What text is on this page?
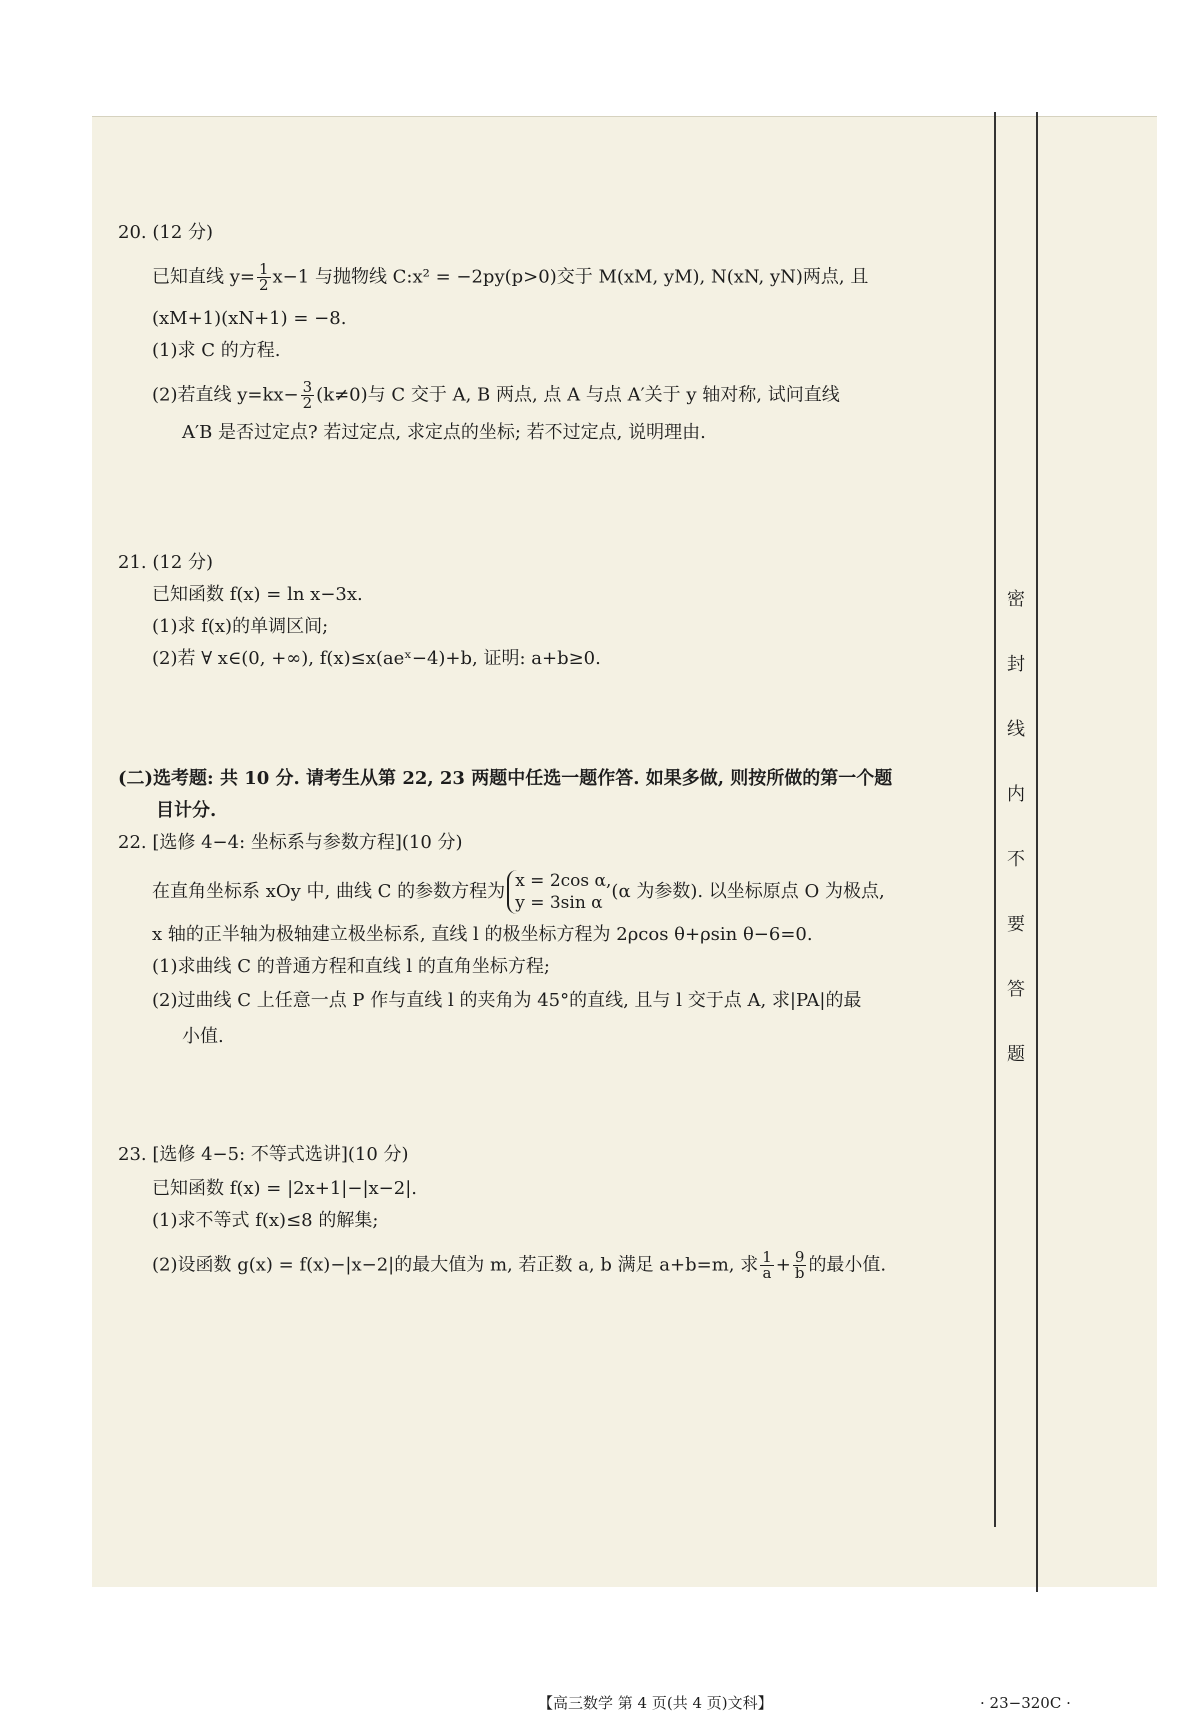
密
封
线
内
不
要
答
题
20. (12 分)
已知直线 $y= \frac{1}{2} x-1$ 与抛物线 C:x² = −2py(p>0)交于 M(xM, yM), N(xN, yN)两点, 且
(xM+1)(xN+1) = −8.
(1)求 C 的方程.
(2)若直线 $y=kx- \frac{3}{2} (k\ne 0)$与 C 交于 A, B 两点, 点 A 与点 A′关于 y 轴对称, 试问直线
A′B 是否过定点? 若过定点, 求定点的坐标; 若不过定点, 说明理由.
21. (12 分)
已知函数 f(x) = ln x−3x.
(1)求 f(x)的单调区间;
(2)若 ∀ x∈(0, +∞), f(x)≤x(aeˣ−4)+b, 证明: a+b≥0.
(二)选考题: 共 10 分. 请考生从第 22, 23 两题中任选一题作答. 如果多做, 则按所做的第一个题
目计分.
22. [选修 4−4: 坐标系与参数方程](10 分)
在直角坐标系 xOy 中, 曲线 C 的参数方程为 x = 2cos α,
y = 3sin α
(α 为参数). 以坐标原点 O 为极点,
x 轴的正半轴为极轴建立极坐标系, 直线 l 的极坐标方程为 2ρcos θ+ρsin θ−6=0.
(1)求曲线 C 的普通方程和直线 l 的直角坐标方程;
(2)过曲线 C 上任意一点 P 作与直线 l 的夹角为 45°的直线, 且与 l 交于点 A, 求|PA|的最
小值.
23. [选修 4−5: 不等式选讲](10 分)
已知函数 f(x) = |2x+1|−|x−2|.
(1)求不等式 f(x)≤8 的解集;
(2)设函数 g(x) = f(x)−|x−2|的最大值为 m, 若正数 a, b 满足 a+b=m, 求 $\frac{1}{a} + \frac{9}{b}$ 的最小值.
【高三数学 第 4 页(共 4 页)文科】	· 23−320C ·
